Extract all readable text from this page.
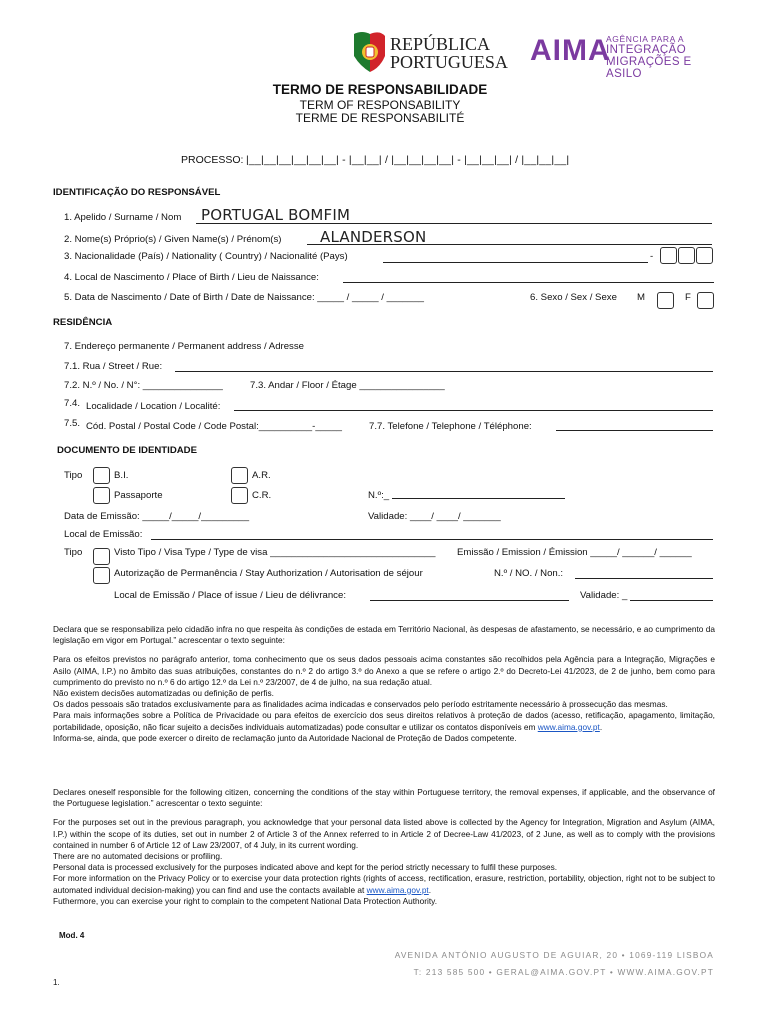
REPÚBLICA
PORTUGUESA AIMA
AGÊNCIA PARA A
INTEGRAÇÃO
MIGRAÇÕES E ASILO
TERMO DE RESPONSABILIDADE
TERM OF RESPONSABILITY
TERME DE RESPONSABILITÉ
PROCESSO: |__|__|__|__|__|__| - |__|__| / |__|__|__|__| - |__|__|__| / |__|__|__|
IDENTIFICAÇÃO DO RESPONSÁVEL
1. Apelido / Surname / Nom PORTUGAL BOMFIM
2. Nome(s) Próprio(s) / Given Name(s) / Prénom(s)	ALANDERSON
3. Nacionalidade (País) / Nationality ( Country) / Nacionalité (Pays)	-
4. Local de Nascimento / Place of Birth / Lieu de Naissance:
5. Data de Nascimento / Date of Birth / Date de Naissance: _____ / _____ / _______	6. Sexo / Sex / Sexe M	F
RESIDÊNCIA
7. Endereço permanente / Permanent address / Adresse
7.1. Rua / Street / Rue:
7.2. N.º / No. / N°: _______________	7.3. Andar / Floor / Étage ________________
7.4. Localidade / Location / Localité:
7.5. Cód. Postal / Postal Code / Code Postal:__________-_____	7.7. Telefone / Telephone / Téléphone:
DOCUMENTO DE IDENTIDADE
Tipo	B.I.	A.R.
Passaporte	C.R.	N.º:_
Data de Emissão: _____/_____/_________	Validade: ____/ ____/ _______
Local de Emissão:
Tipo	Visto Tipo / Visa Type / Type de visa _______________________________ Emissão / Emission / Émission _____/ ______/ ______
Autorização de Permanência / Stay Authorization / Autorisation de séjour	N.º / NO. / Non.:
Local de Emissão / Place of issue / Lieu de délivrance:	Validade: _

Declara que se responsabiliza pelo cidadão infra no que respeita às condições de estada em Território Nacional, às despesas de afastamento, se necessário, e ao cumprimento da legislação em vigor em Portugal.” acrescentar o texto seguinte:

Para os efeitos previstos no parágrafo anterior, toma conhecimento que os seus dados pessoais acima constantes são recolhidos pela Agência para a Integração, Migrações e Asilo (AIMA, I.P.) no âmbito das suas atribuições, constantes do n.º 2 do artigo 3.º do Anexo a que se refere o artigo 2.º do Decreto-Lei 41/2023, de 2 de junho, bem como para cumprimento do previsto no n.º 6 do artigo 12.º da Lei n.º 23/2007, de 4 de julho, na sua redação atual.

Não existem decisões automatizadas ou definição de perfis.

Os dados pessoais são tratados exclusivamente para as finalidades acima indicadas e conservados pelo período estritamente necessário à prossecução das mesmas.

Para mais informações sobre a Política de Privacidade ou para efeitos de exercício dos seus direitos relativos à proteção de dados (acesso, retificação, apagamento, limitação, portabilidade, oposição, não ficar sujeito a decisões individuais automatizadas) pode consultar e utilizar os contatos disponíveis em www.aima.gov.pt.

Informa-se, ainda, que pode exercer o direito de reclamação junto da Autoridade Nacional de Proteção de Dados competente.

Declares oneself responsible for the following citizen, concerning the conditions of the stay within Portuguese territory, the removal expenses, if applicable, and the observance of the Portuguese legislation.” acrescentar o texto seguinte:

For the purposes set out in the previous paragraph, you acknowledge that your personal data listed above is collected by the Agency for Integration, Migration and Asylum (AIMA, I.P.) within the scope of its duties, set out in number 2 of Article 3 of the Annex referred to in Article 2 of Decree-Law 41/2023, of 2 June, as well as to comply with the provisions contained in number 6 of Article 12 of Law 23/2007, of 4 July, in its current wording.

There are no automated decisions or profiling.

Personal data is processed exclusively for the purposes indicated above and kept for the period strictly necessary to fulfil these purposes.

For more information on the Privacy Policy or to exercise your data protection rights (rights of access, rectification, erasure, restriction, portability, objection, right not to be subject to automated individual decision-making) you can find and use the contacts available at www.aima.gov.pt.

Futhermore, you can exercise your right to complain to the competent National Data Protection Authority.

Mod. 4
AVENIDA ANTÓNIO AUGUSTO DE AGUIAR, 20 • 1069-119 LISBOA
T: 213 585 500 • GERAL@AIMA.GOV.PT • WWW.AIMA.GOV.PT
1.
